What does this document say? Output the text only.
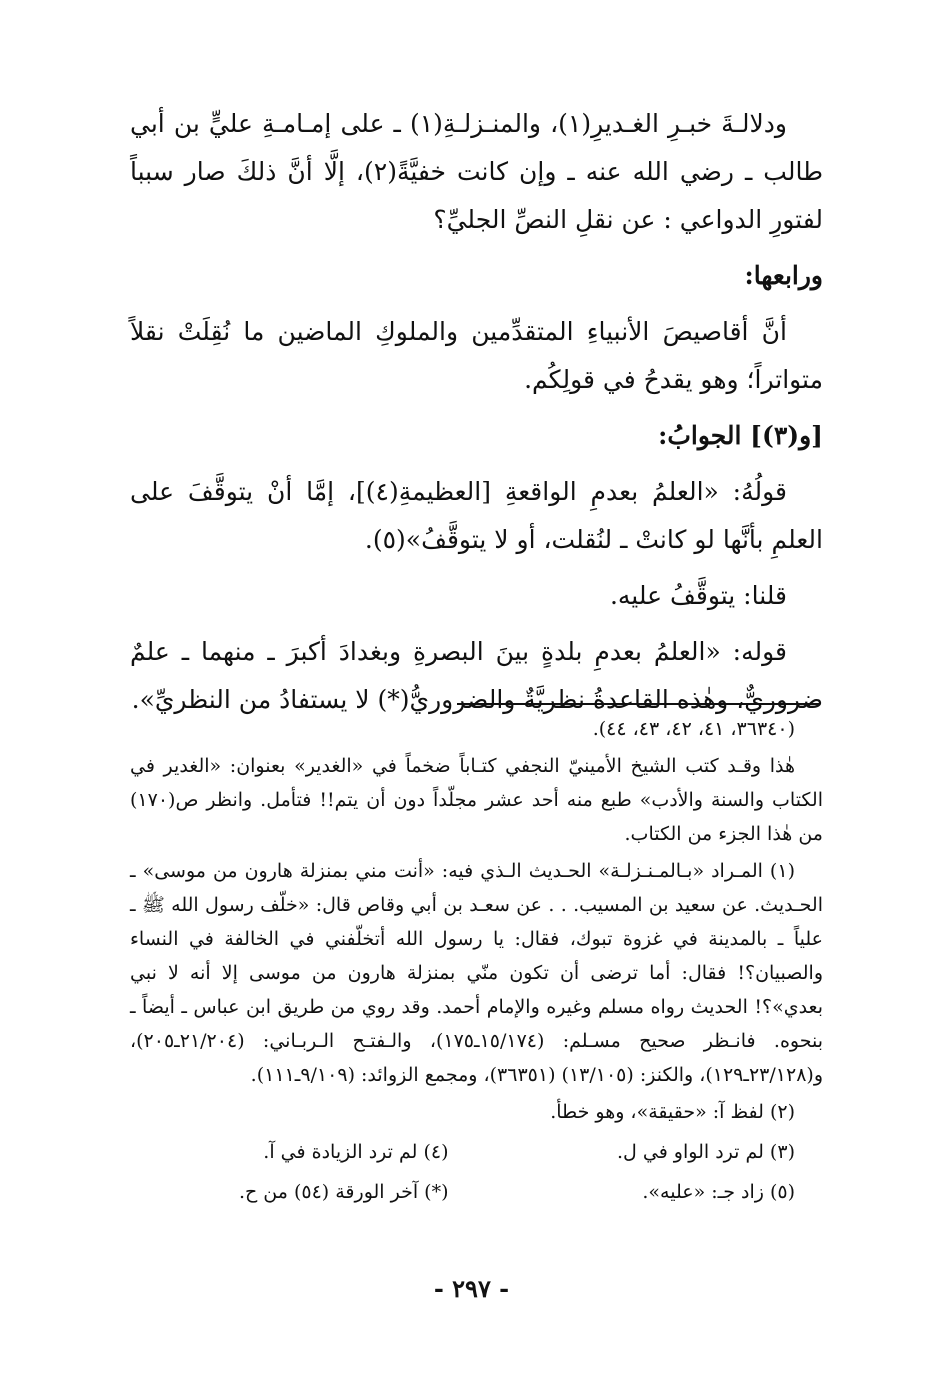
ودلالـةَ خبـرِ الغـديرِ(١)، والمنـزلـةِ(١) ـ على إمـامـةِ عليٍّ بن أبي طالب ـ رضي الله عنه ـ وإن كانت خفيَّةً(٢)، إلَّا أنَّ ذلكَ صار سبباً لفتورِ الدواعي : عن نقلِ النصِّ الجليِّ؟

ورابعها:

أنَّ أقاصيصَ الأنبياءِ المتقدِّمين والملوكِ الماضين ما نُقِلَتْ نقلاً متواتراً؛ وهو يقدحُ في قولِكُم.

[و(٣)] الجوابُ:

قولُهُ: «العلمُ بعدمِ الواقعةِ [العظيمةِ(٤)]، إمَّا أنْ يتوقَّفَ على العلمِ بأنَّها لو كانتْ ـ لنُقلت، أو لا يتوقَّفُ»(٥).

قلنا: يتوقَّفُ عليه.

قوله: «العلمُ بعدمِ بلدةٍ بينَ البصرةِ وبغدادَ أكبرَ ـ منهما ـ علمٌ ضروريٌّ، وهٰذه القاعدةُ نظريَّةٌ والضروريُّ(*) لا يستفادُ من النظريِّ».

(٣٦٣٤٠، ٤١، ٤٢، ٤٣، ٤٤).

هٰذا وقـد كتب الشيخ الأمينيّ النجفي كتـاباً ضخماً في «الغدير» بعنوان: «الغدير في الكتاب والسنة والأدب» طبع منه أحد عشر مجلّداً دون أن يتم!! فتأمل. وانظر ص(١٧٠) من هٰذا الجزء من الكتاب.

(١) المـراد «بـالمـنـزلـة» الحـديث الـذي فيه: «أنت مني بمنزلة هارون من موسى» ـ الحـديث. عن سعيد بن المسيب. . . عن سعـد بن أبي وقاص قال: «خلّف رسول الله ﷺ ـ علياً ـ بالمدينة في غزوة تبوك، فقال: يا رسول الله أتخلّفني في الخالفة في النساء والصبيان؟! فقال: أما ترضى أن تكون منّي بمنزلة هارون من موسى إلا أنه لا نبي بعدي»؟! الحديث رواه مسلم وغيره والإمام أحمد. وقد روي من طريق ابن عباس ـ أيضاً ـ بنحوه. فانـظر صحيح مسـلم: (١٥/١٧٤ـ١٧٥)، والـفتـح الـربـاني: (٢١/٢٠٤ـ٢٠٥)، و(٢٣/١٢٨ـ١٢٩)، والكنز: (١٣/١٠٥) (٣٦٣٥١)، ومجمع الزوائد: (٩/١٠٩ـ١١١).

(٢) لفظ آ: «حقيقة»، وهو خطأ.

(٣) لم ترد الواو في ل.
(٤) لم ترد الزيادة في آ.
(٥) زاد جـ: «عليه».
(*) آخر الورقة (٥٤) من ح.
- ٢٩٧ -
